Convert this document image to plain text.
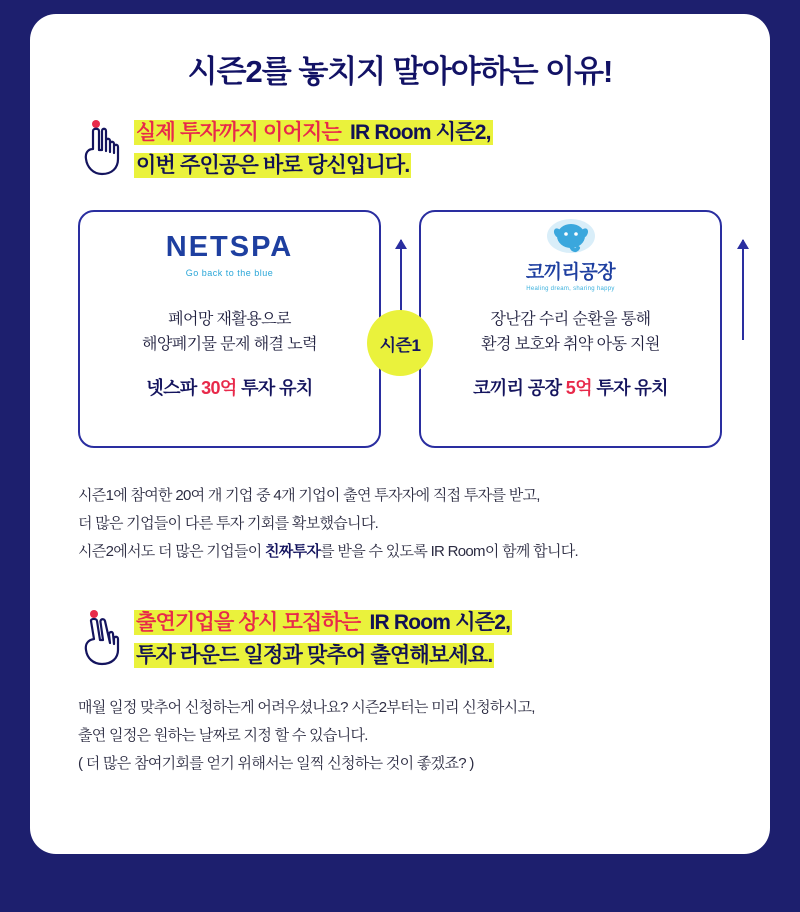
시즌2를 놓치지 말아야하는 이유!
실제 투자까지 이어지는 IR Room 시즌2,
이번 주인공은 바로 당신입니다.
NETSPA
Go back to the blue
폐어망 재활용으로
해양폐기물 문제 해결 노력
넷스파 30억 투자 유치
코끼리공장
Healing dream, sharing happy
장난감 수리 순환을 통해
환경 보호와 취약 아동 지원
코끼리 공장 5억 투자 유치
시즌1
시즌1에 참여한 20여 개 기업 중 4개 기업이 출연 투자자에 직접 투자를 받고,
더 많은 기업들이 다른 투자 기회를 확보했습니다.
시즌2에서도 더 많은 기업들이 친짜투자를 받을 수 있도록 IR Room이 함께 합니다.
출연기업을 상시 모집하는 IR Room 시즌2,
투자 라운드 일정과 맞추어 출연해보세요.
매월 일정 맞추어 신청하는게 어려우셨나요? 시즌2부터는 미리 신청하시고,
출연 일정은 원하는 날짜로 지정 할 수 있습니다.
( 더 많은 참여기회를 얻기 위해서는 일찍 신청하는 것이 좋겠죠? )
